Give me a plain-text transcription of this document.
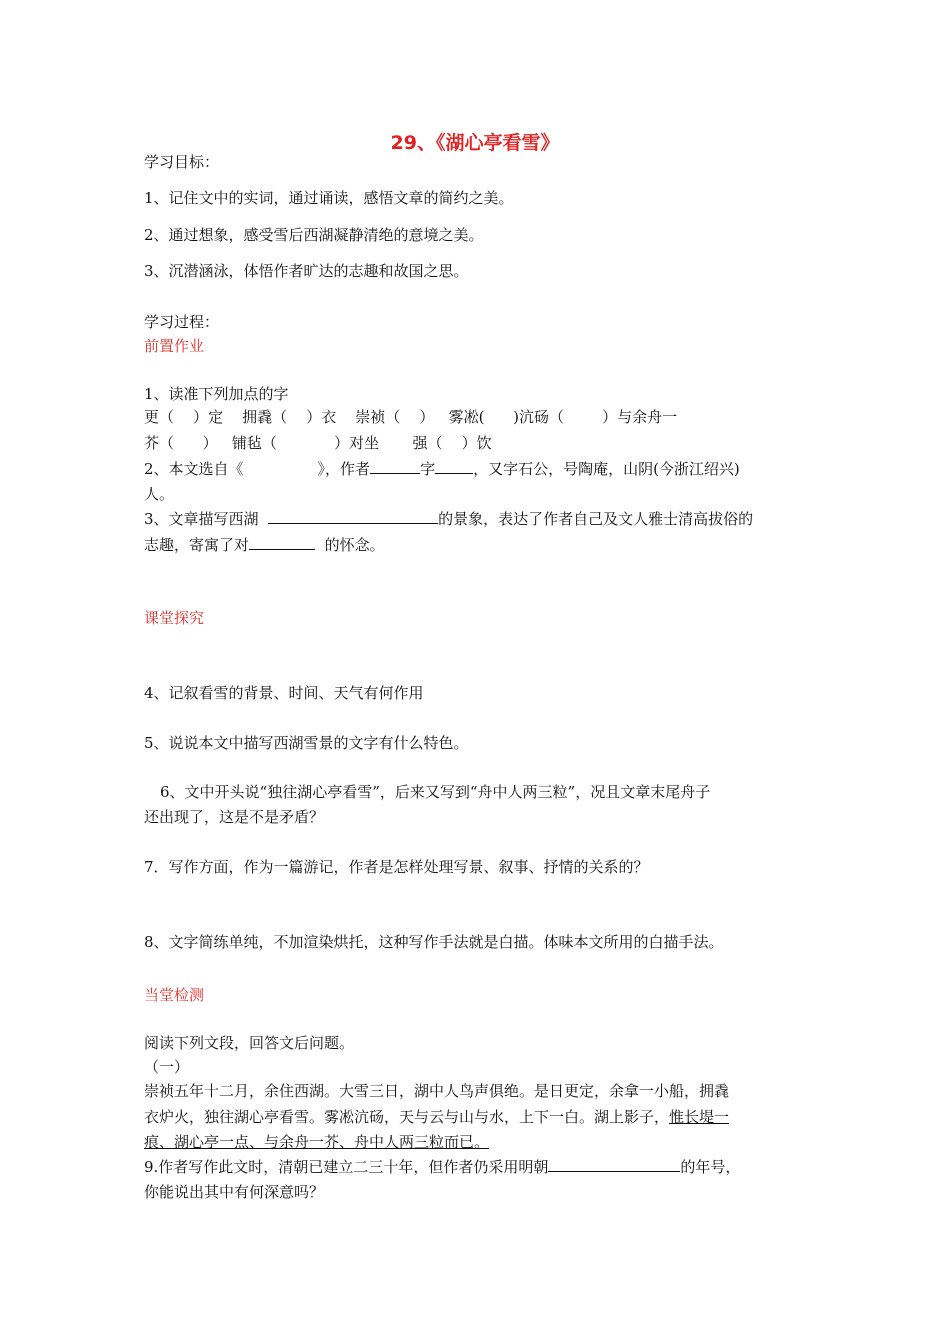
29、《湖心亭看雪》
学习目标：
1、记住文中的实词，通过诵读，感悟文章的简约之美。
2、通过想象，感受雪后西湖凝静清绝的意境之美。
3、沉潜涵泳，体悟作者旷达的志趣和故国之思。
学习过程：
前置作业
1、读准下列加点的字
更（    ）定    拥毳（    ）衣    崇祯（    ）   雾凇(      )沆砀（        ）与余舟一
芥（      ）   铺毡（            ）对坐       强（    ）饮
2、本文选自《	》，作者	字	，又字石公，号陶庵，山阴(今浙江绍兴)
人。
3、文章描写西湖	的景象，表达了作者自己及文人雅士清高拔俗的
志趣，寄寓了对	的怀念。
课堂探究
4、记叙看雪的背景、时间、天气有何作用
5、说说本文中描写西湖雪景的文字有什么特色。
6、文中开头说“独往湖心亭看雪”，后来又写到“舟中人两三粒”，况且文章末尾舟子
还出现了，这是不是矛盾？
7．写作方面，作为一篇游记，作者是怎样处理写景、叙事、抒情的关系的？
8、文字简练单纯，不加渲染烘托，这种写作手法就是白描。体味本文所用的白描手法。
当堂检测
阅读下列文段，回答文后问题。
（一）
崇祯五年十二月，余住西湖。大雪三日，湖中人鸟声俱绝。是日更定，余拿一小船，拥毳
衣炉火，独往湖心亭看雪。雾凇沆砀，天与云与山与水，上下一白。湖上影子，惟长堤一
痕、湖心亭一点、与余舟一芥、舟中人两三粒而已。
9.作者写作此文时，清朝已建立二三十年，但作者仍采用明朝	的年号，
你能说出其中有何深意吗？
